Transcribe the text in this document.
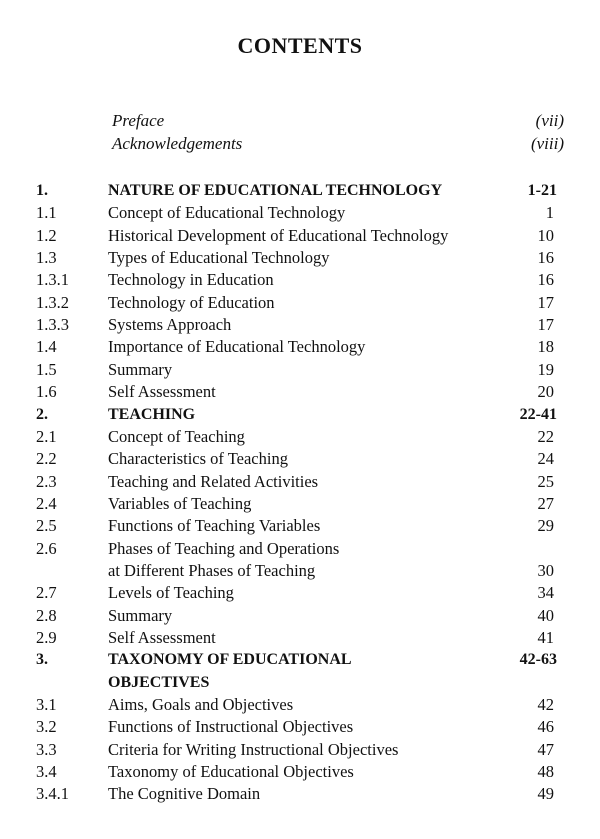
CONTENTS
Preface	(vii)
Acknowledgements	(viii)
1.	NATURE OF EDUCATIONAL TECHNOLOGY	1-21
1.1	Concept of Educational Technology	1
1.2	Historical Development of Educational Technology	10
1.3	Types of Educational Technology	16
1.3.1 Technology in Education	16
1.3.2 Technology of Education	17
1.3.3 Systems Approach	17
1.4	Importance of Educational Technology	18
1.5	Summary	19
1.6	Self Assessment	20
2.	TEACHING	22-41
2.1	Concept of Teaching	22
2.2	Characteristics of Teaching	24
2.3	Teaching and Related Activities	25
2.4	Variables of Teaching	27
2.5	Functions of Teaching Variables	29
2.6	Phases of Teaching and Operations
at Different Phases of Teaching	30
2.7	Levels of Teaching	34
2.8	Summary	40
2.9	Self Assessment	41
3.	TAXONOMY OF EDUCATIONAL	42-63
OBJECTIVES
3.1	Aims, Goals and Objectives	42
3.2	Functions of Instructional Objectives	46
3.3	Criteria for Writing Instructional Objectives	47
3.4	Taxonomy of Educational Objectives	48
3.4.1 The Cognitive Domain	49
